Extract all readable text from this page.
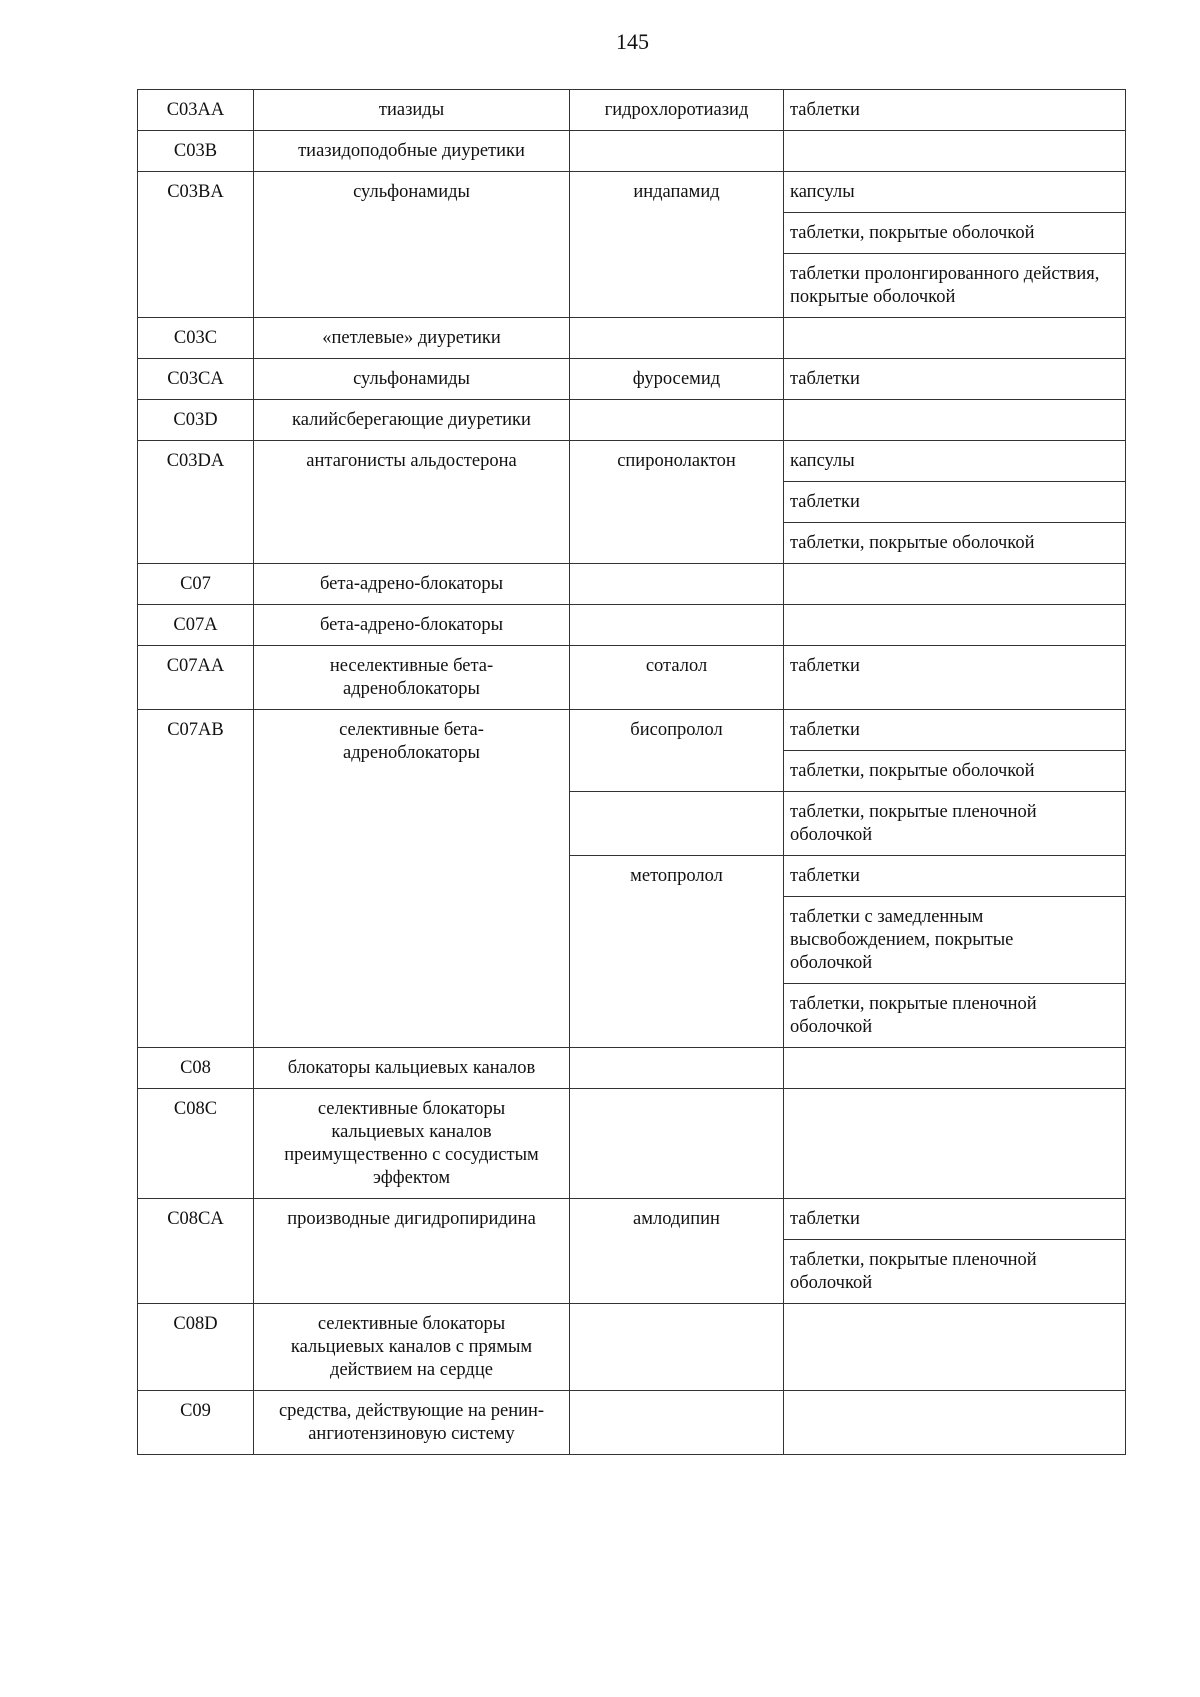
145
C03AA	тиазиды	гидрохлоротиазид	таблетки
C03B	тиазидоподобные диуретики		
C03BA	сульфонамиды	индапамид	капсулы
			таблетки, покрытые оболочкой
			таблетки пролонгированного действия, покрытые оболочкой
C03C	«петлевые» диуретики		
C03CA	сульфонамиды	фуросемид	таблетки
C03D	калийсберегающие диуретики		
C03DA	антагонисты альдостерона	спиронолактон	капсулы
			таблетки
			таблетки, покрытые оболочкой
C07	бета-адрено-блокаторы		
C07A	бета-адрено-блокаторы		
C07AA	неселективные бета-адреноблокаторы	соталол	таблетки
C07AB	селективные бета-адреноблокаторы	бисопролол	таблетки
			таблетки, покрытые оболочкой
			таблетки, покрытые пленочной оболочкой
		метопролол	таблетки

			таблетки с замедленным высвобождением, покрытые оболочкой

			таблетки, покрытые пленочной оболочкой
C08	блокаторы кальциевых каналов		
C08C	селективные блокаторы кальциевых каналов преимущественно с сосудистым эффектом		

C08CA	производные дигидропиридина	амлодипин	таблетки
			таблетки, покрытые пленочной оболочкой
C08D	селективные блокаторы кальциевых каналов с прямым действием на сердце		

C09	средства, действующие на ренин-ангиотензиновую систему		
